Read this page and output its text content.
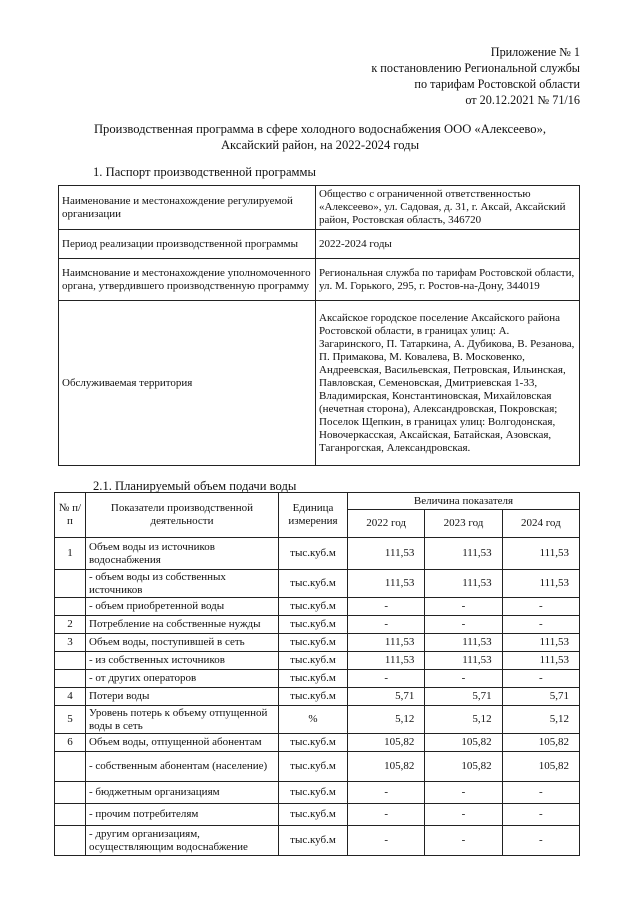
Приложение № 1
к постановлению Региональной службы
по тарифам Ростовской области
от 20.12.2021 № 71/16
Производственная программа в сфере холодного водоснабжения ООО «Алексеево»,
Аксайский район, на 2022-2024 годы
1. Паспорт производственной программы
Наименование и местонахождение регулируемой организации	Общество с ограниченной ответственностью «Алексеево», ул. Садовая, д. 31, г. Аксай, Аксайский район, Ростовская область, 346720
Период реализации производственной программы	2022-2024 годы
Наимснование и местонахождение уполномоченного органа, утвердившего производственную программу	Региональная служба по тарифам Ростовской области, ул. М. Горького, 295, г. Ростов-на-Дону, 344019
Обслуживаемая территория	Аксайское городское поселение Аксайского района Ростовской области, в границах улиц: А. Загаринского, П. Татаркина, А. Дубикова, В. Резанова, П. Примакова, М. Ковалева, В. Московенко, Андреевская, Васильевская, Петровская, Ильинская, Павловская, Семеновская, Дмитриевская 1-33, Владимирская, Константиновская, Михайловская (нечетная сторона), Александровская, Покровская; Поселок Щепкин, в границах улиц: Волгодонская, Новочеркасская, Аксайская, Батайская, Азовская, Таганрогская, Александровская.
2.1. Планируемый объем подачи воды
№ п/п	Показатели производственной деятельности	Единица измерения	Величина показателя		
			2022 год	2023 год	2024 год
1	Объем воды из источников водоснабжения	тыс.куб.м	111,53	111,53	111,53
	- объем воды из собственных источников	тыс.куб.м	111,53	111,53	111,53
	- объем приобретенной воды	тыс.куб.м	-	-	-
2	Потребление на собственные нужды	тыс.куб.м	-	-	-
3	Объем воды, поступившей в сеть	тыс.куб.м	111,53	111,53	111,53
	- из собственных источников	тыс.куб.м	111,53	111,53	111,53
	- от других операторов	тыс.куб.м	-	-	-
4	Потери воды	тыс.куб.м	5,71	5,71	5,71
5	Уровень потерь к объему отпущенной воды в сеть	%	5,12	5,12	5,12
6	Объем воды, отпущенной абонентам	тыс.куб.м	105,82	105,82	105,82
	- собственным абонентам (население)	тыс.куб.м	105,82	105,82	105,82
	- бюджетным организациям	тыс.куб.м	-	-	-
	- прочим потребителям	тыс.куб.м	-	-	-
	- другим организациям, осуществляющим водоснабжение	тыс.куб.м	-	-	-
